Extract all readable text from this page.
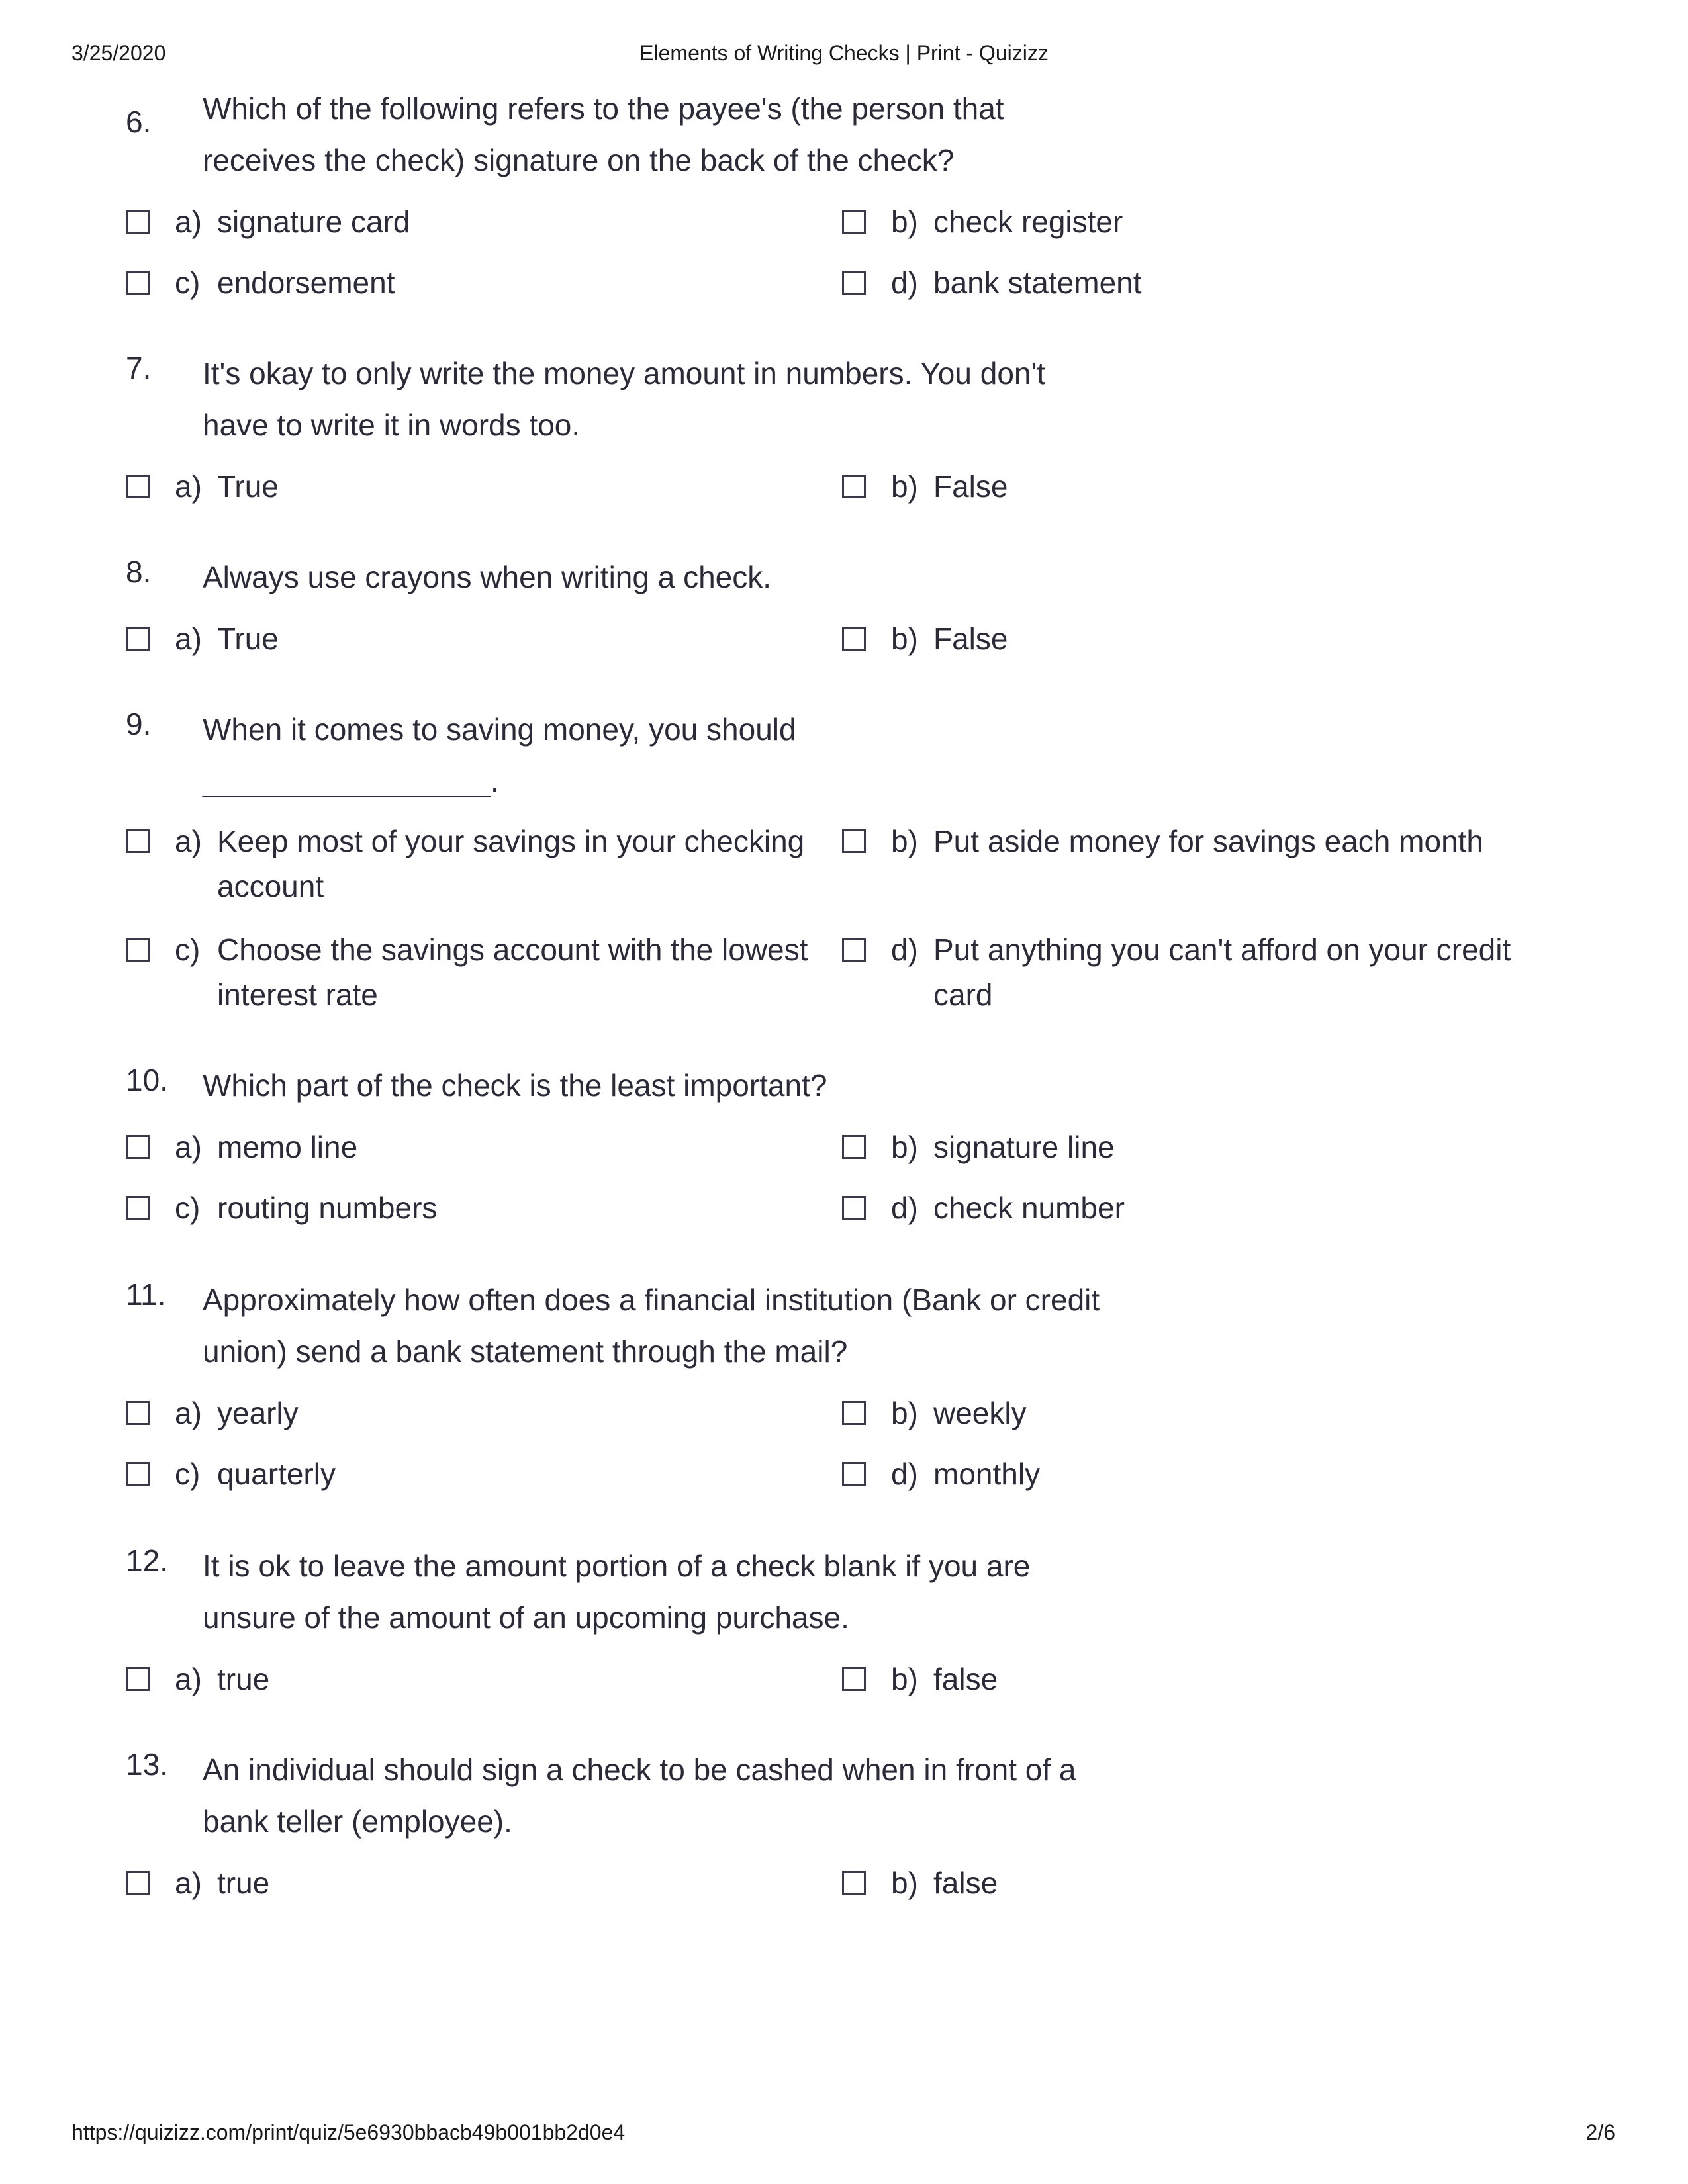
3/25/2020	Elements of Writing Checks | Print - Quizizz
6. Which of the following refers to the payee's (the person that receives the check) signature on the back of the check?
a) signature card	b) check register
c) endorsement	d) bank statement
7. It's okay to only write the money amount in numbers. You don't have to write it in words too.
a) True	b) False
8. Always use crayons when writing a check.
a) True	b) False
9. When it comes to saving money, you should _________________.
a) Keep most of your savings in your checking account
b) Put aside money for savings each month
c) Choose the savings account with the lowest interest rate
d) Put anything you can't afford on your credit card
10. Which part of the check is the least important?
a) memo line	b) signature line
c) routing numbers	d) check number
11. Approximately how often does a financial institution (Bank or credit union) send a bank statement through the mail?
a) yearly	b) weekly
c) quarterly	d) monthly
12. It is ok to leave the amount portion of a check blank if you are unsure of the amount of an upcoming purchase.
a) true	b) false
13. An individual should sign a check to be cashed when in front of a bank teller (employee).
a) true	b) false
https://quizizz.com/print/quiz/5e6930bbacb49b001bb2d0e4	2/6
